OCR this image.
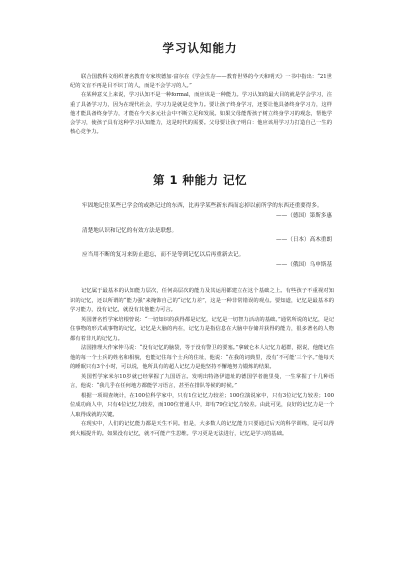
学习认知能力

联合国教科文组织著名教育专家埃德加·富尔在《学会生存——教育世界的今天和明天》一书中指出：“21世纪的文盲不再是目不识丁的人，而是不会学习的人。”

在某种意义上来说，学习认知不是一种formal，而应该是一种能力。学习认知的最大目的就是学会学习，注重了具备学习力，因为在现代社会，学习力是就是竞争力。要让孩子终身学习，还要让他具备终身学习力，这样他才能具备终身学力，才能在今天多元社会中不断立足和发展。如果父母能帮孩子树立终身学习的观念，帮他学会学习，使孩子具有这种学习认知能力，这是时代的需要。父母要让孩子明白：他应该用学习力打造自己一生的核心竞争力。

第 1 种能力 记忆

牢固地记住某些已学会的或熟记过的东西，比再学某些新东西而忘掉以前所学的东西还重要得多。

——（德国）第斯多惠

清楚地认识和记忆的有效方法是联想。

——（日本）高木重朗

应当用不断的复习来防止遗忘，而不是等到记忆以后再重新去记。

——（俄国）乌申斯基

记忆属于最基本的认知能力层次，任何高层次的能力及其运用都建立在这个基础之上。有些孩子不重视对知识的记忆，还以所谓的“能力强”来掩饰自己的“记忆力差”，这是一种非常错误的观点。要知道，记忆是最基本的学习能力，没有记忆，就没有其他能力可言。

英国著名哲学家培根曾说：“一切知识的获得都是记忆，记忆是一切智力活动的基础。”通常所说的记忆，是记住事物的形式或事物的记忆，记忆是大脑的内在，记忆力是指信息在大脑中存储并获得的能力，很多著名的人物都有着非凡的记忆力。

法国推理大作家仲马说：“没有记忆的脑袋，等于没有警卫的要塞。”拿破仑本人记忆力超群，据说，他能记住他的每一个士兵的姓名和相貌，也能记住每个士兵的住址，他说：“在我的词典里，没有‘不可能’三个字。”他每天的睡眠只有3个小时，可以说，他所具有的超人记忆力是他坚持不懈地努力锻炼的结果。

英国哲学家米尔10岁就已经掌握了九国语言。发明出特洛伊遗址的德国学者施里曼，一生掌握了十几种语言，他说：“我几乎在任何地方都能学习语言，甚至在排队等候的时候。”

根据一项调查统计，在100位科学家中，只有1位记忆力较差；100位演说家中，只有3位记忆力较差；100位成功商人中，只有4位记忆力较差，而100位普通人中，却有79位记忆力较差。由此可见，良好的记忆力是一个人取得成就的关键。

在现实中，人们的记忆能力都是天生不同。但是，大多数人的记忆能力只要通过后天的科学训练，是可以得到大幅提升的。如果没有记忆，就不可能产生思维。学习更是无法进行，记忆是学习的基础。
